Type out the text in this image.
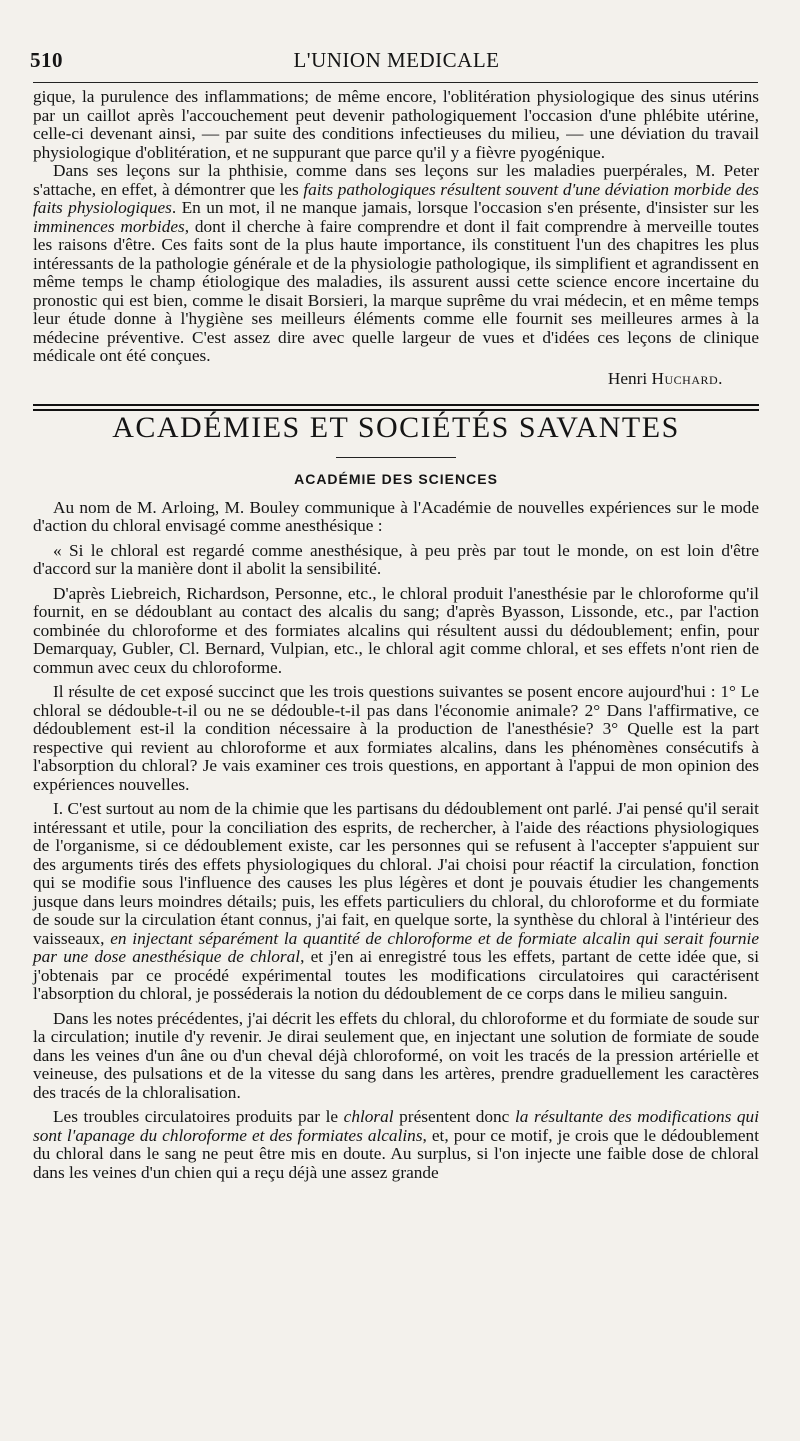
510	L'UNION MEDICALE

gique, la purulence des inflammations; de même encore, l'oblitération physiologique des sinus utérins par un caillot après l'accouchement peut devenir pathologiquement l'occasion d'une phlébite utérine, celle-ci devenant ainsi, — par suite des conditions infectieuses du milieu, — une déviation du travail physiologique d'oblitération, et ne suppurant que parce qu'il y a fièvre pyogénique.

Dans ses leçons sur la phthisie, comme dans ses leçons sur les maladies puerpérales, M. Peter s'attache, en effet, à démontrer que les faits pathologiques résultent souvent d'une déviation morbide des faits physiologiques. En un mot, il ne manque jamais, lorsque l'occasion s'en présente, d'insister sur les imminences morbides, dont il cherche à faire comprendre et dont il fait comprendre à merveille toutes les raisons d'être. Ces faits sont de la plus haute importance, ils constituent l'un des chapitres les plus intéressants de la pathologie générale et de la physiologie pathologique, ils simplifient et agrandissent en même temps le champ étiologique des maladies, ils assurent aussi cette science encore incertaine du pronostic qui est bien, comme le disait Borsieri, la marque suprême du vrai médecin, et en même temps leur étude donne à l'hygiène ses meilleurs éléments comme elle fournit ses meilleures armes à la médecine préventive. C'est assez dire avec quelle largeur de vues et d'idées ces leçons de clinique médicale ont été conçues.

Henri Huchard.

ACADÉMIES ET SOCIÉTÉS SAVANTES

ACADÉMIE DES SCIENCES

Au nom de M. Arloing, M. Bouley communique à l'Académie de nouvelles expériences sur le mode d'action du chloral envisagé comme anesthésique :

« Si le chloral est regardé comme anesthésique, à peu près par tout le monde, on est loin d'être d'accord sur la manière dont il abolit la sensibilité.

D'après Liebreich, Richardson, Personne, etc., le chloral produit l'anesthésie par le chloroforme qu'il fournit, en se dédoublant au contact des alcalis du sang; d'après Byasson, Lissonde, etc., par l'action combinée du chloroforme et des formiates alcalins qui résultent aussi du dédoublement; enfin, pour Demarquay, Gubler, Cl. Bernard, Vulpian, etc., le chloral agit comme chloral, et ses effets n'ont rien de commun avec ceux du chloroforme.

Il résulte de cet exposé succinct que les trois questions suivantes se posent encore aujourd'hui : 1° Le chloral se dédouble-t-il ou ne se dédouble-t-il pas dans l'économie animale? 2° Dans l'affirmative, ce dédoublement est-il la condition nécessaire à la production de l'anesthésie? 3° Quelle est la part respective qui revient au chloroforme et aux formiates alcalins, dans les phénomènes consécutifs à l'absorption du chloral? Je vais examiner ces trois questions, en apportant à l'appui de mon opinion des expériences nouvelles.

I. C'est surtout au nom de la chimie que les partisans du dédoublement ont parlé. J'ai pensé qu'il serait intéressant et utile, pour la conciliation des esprits, de rechercher, à l'aide des réactions physiologiques de l'organisme, si ce dédoublement existe, car les personnes qui se refusent à l'accepter s'appuient sur des arguments tirés des effets physiologiques du chloral. J'ai choisi pour réactif la circulation, fonction qui se modifie sous l'influence des causes les plus légères et dont je pouvais étudier les changements jusque dans leurs moindres détails; puis, les effets particuliers du chloral, du chloroforme et du formiate de soude sur la circulation étant connus, j'ai fait, en quelque sorte, la synthèse du chloral à l'intérieur des vaisseaux, en injectant séparément la quantité de chloroforme et de formiate alcalin qui serait fournie par une dose anesthésique de chloral, et j'en ai enregistré tous les effets, partant de cette idée que, si j'obtenais par ce procédé expérimental toutes les modifications circulatoires qui caractérisent l'absorption du chloral, je posséderais la notion du dédoublement de ce corps dans le milieu sanguin.

Dans les notes précédentes, j'ai décrit les effets du chloral, du chloroforme et du formiate de soude sur la circulation; inutile d'y revenir. Je dirai seulement que, en injectant une solution de formiate de soude dans les veines d'un âne ou d'un cheval déjà chloroformé, on voit les tracés de la pression artérielle et veineuse, des pulsations et de la vitesse du sang dans les artères, prendre graduellement les caractères des tracés de la chloralisation.

Les troubles circulatoires produits par le chloral présentent donc la résultante des modifications qui sont l'apanage du chloroforme et des formiates alcalins, et, pour ce motif, je crois que le dédoublement du chloral dans le sang ne peut être mis en doute. Au surplus, si l'on injecte une faible dose de chloral dans les veines d'un chien qui a reçu déjà une assez grande
